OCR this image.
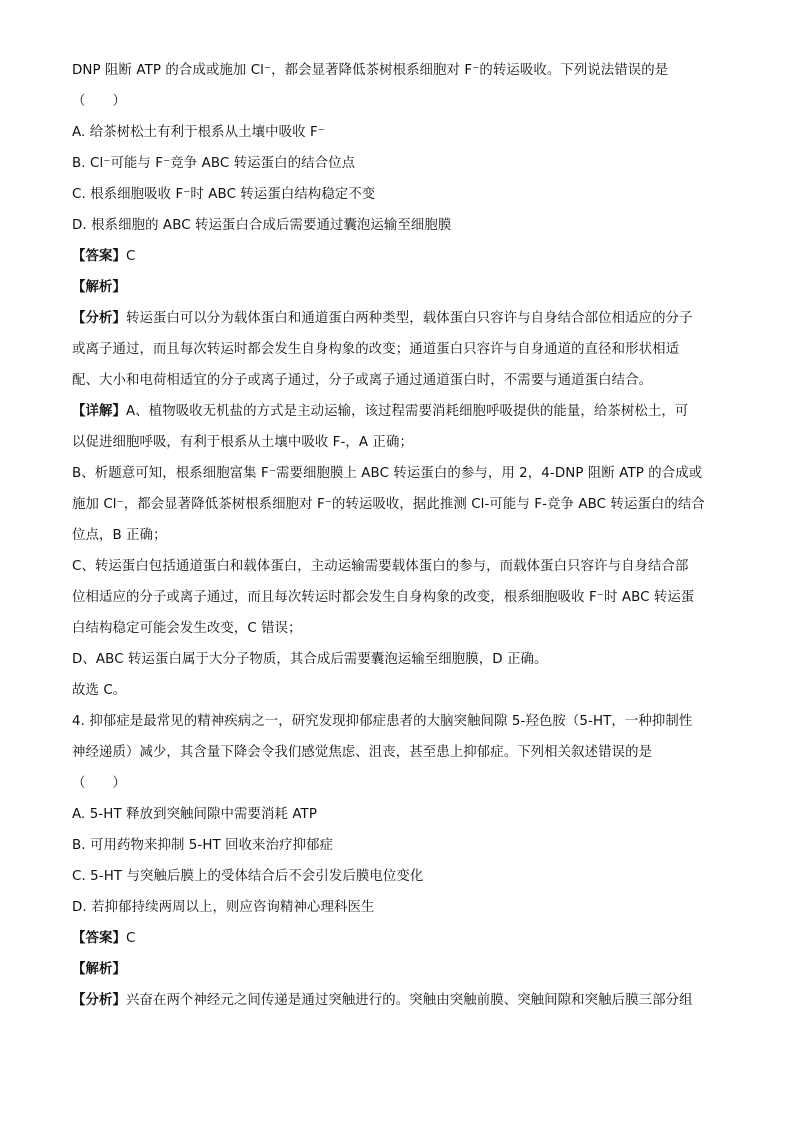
DNP 阻断 ATP 的合成或施加 Cl⁻，都会显著降低茶树根系细胞对 F⁻的转运吸收。下列说法错误的是
（　　）
A. 给茶树松土有利于根系从土壤中吸收 F⁻
B. Cl⁻可能与 F⁻竞争 ABC 转运蛋白的结合位点
C. 根系细胞吸收 F⁻时 ABC 转运蛋白结构稳定不变
D. 根系细胞的 ABC 转运蛋白合成后需要通过囊泡运输至细胞膜
【答案】C
【解析】
【分析】转运蛋白可以分为载体蛋白和通道蛋白两种类型，载体蛋白只容许与自身结合部位相适应的分子
或离子通过，而且每次转运时都会发生自身构象的改变；通道蛋白只容许与自身通道的直径和形状相适
配、大小和电荷相适宜的分子或离子通过，分子或离子通过通道蛋白时，不需要与通道蛋白结合。
【详解】A、植物吸收无机盐的方式是主动运输，该过程需要消耗细胞呼吸提供的能量，给茶树松土，可
以促进细胞呼吸，有利于根系从土壤中吸收 F-，A 正确；
B、析题意可知，根系细胞富集 F⁻需要细胞膜上 ABC 转运蛋白的参与，用 2，4-DNP 阻断 ATP 的合成或
施加 Cl⁻，都会显著降低茶树根系细胞对 F⁻的转运吸收，据此推测 Cl-可能与 F-竞争 ABC 转运蛋白的结合
位点，B 正确；
C、转运蛋白包括通道蛋白和载体蛋白，主动运输需要载体蛋白的参与，而载体蛋白只容许与自身结合部
位相适应的分子或离子通过，而且每次转运时都会发生自身构象的改变，根系细胞吸收 F⁻时 ABC 转运蛋
白结构稳定可能会发生改变，C 错误；
D、ABC 转运蛋白属于大分子物质，其合成后需要囊泡运输至细胞膜，D 正确。
故选 C。
4. 抑郁症是最常见的精神疾病之一，研究发现抑郁症患者的大脑突触间隙 5-羟色胺（5-HT，一种抑制性
神经递质）减少，其含量下降会令我们感觉焦虑、沮丧，甚至患上抑郁症。下列相关叙述错误的是
（　　）
A. 5-HT 释放到突触间隙中需要消耗 ATP
B. 可用药物来抑制 5-HT 回收来治疗抑郁症
C. 5-HT 与突触后膜上的受体结合后不会引发后膜电位变化
D. 若抑郁持续两周以上，则应咨询精神心理科医生
【答案】C
【解析】
【分析】兴奋在两个神经元之间传递是通过突触进行的。突触由突触前膜、突触间隙和突触后膜三部分组
